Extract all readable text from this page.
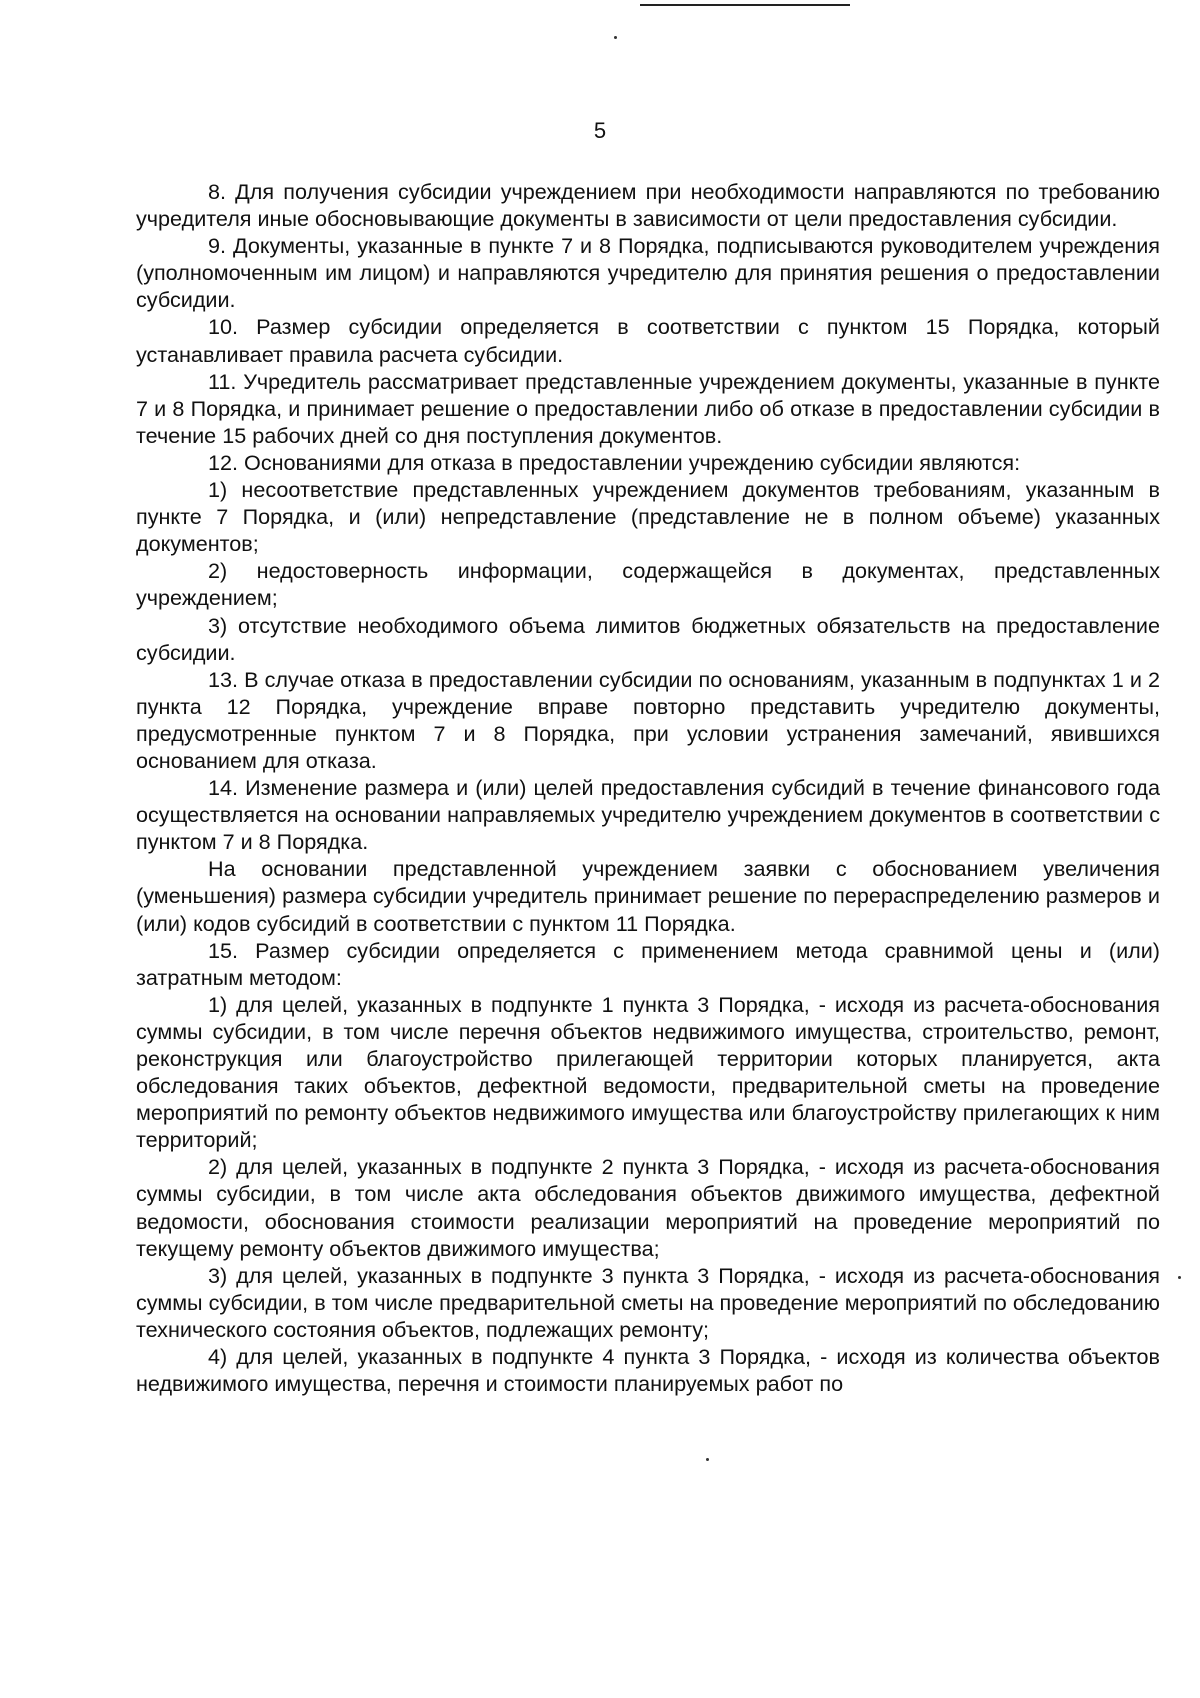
5

8. Для получения субсидии учреждением при необходимости направляются по требованию учредителя иные обосновывающие документы в зависимости от цели предоставления субсидии.

9. Документы, указанные в пункте 7 и 8 Порядка, подписываются руководителем учреждения (уполномоченным им лицом) и направляются учредителю для принятия решения о предоставлении субсидии.

10. Размер субсидии определяется в соответствии с пунктом 15 Порядка, который устанавливает правила расчета субсидии.

11. Учредитель рассматривает представленные учреждением документы, указанные в пункте 7 и 8 Порядка, и принимает решение о предоставлении либо об отказе в предоставлении субсидии в течение 15 рабочих дней со дня поступления документов.

12. Основаниями для отказа в предоставлении учреждению субсидии являются:

1) несоответствие представленных учреждением документов требованиям, указанным в пункте 7 Порядка, и (или) непредставление (представление не в полном объеме) указанных документов;

2) недостоверность информации, содержащейся в документах, представленных учреждением;

3) отсутствие необходимого объема лимитов бюджетных обязательств на предоставление субсидии.

13. В случае отказа в предоставлении субсидии по основаниям, указанным в подпунктах 1 и 2 пункта 12 Порядка, учреждение вправе повторно представить учредителю документы, предусмотренные пунктом 7 и 8 Порядка, при условии устранения замечаний, явившихся основанием для отказа.

14. Изменение размера и (или) целей предоставления субсидий в течение финансового года осуществляется на основании направляемых учредителю учреждением документов в соответствии с пунктом 7 и 8 Порядка.

На основании представленной учреждением заявки с обоснованием увеличения (уменьшения) размера субсидии учредитель принимает решение по перераспределению размеров и (или) кодов субсидий в соответствии с пунктом 11 Порядка.

15. Размер субсидии определяется с применением метода сравнимой цены и (или) затратным методом:

1) для целей, указанных в подпункте 1 пункта 3 Порядка, - исходя из расчета-обоснования суммы субсидии, в том числе перечня объектов недвижимого имущества, строительство, ремонт, реконструкция или благоустройство прилегающей территории которых планируется, акта обследования таких объектов, дефектной ведомости, предварительной сметы на проведение мероприятий по ремонту объектов недвижимого имущества или благоустройству прилегающих к ним территорий;

2) для целей, указанных в подпункте 2 пункта 3 Порядка, - исходя из расчета-обоснования суммы субсидии, в том числе акта обследования объектов движимого имущества, дефектной ведомости, обоснования стоимости реализации мероприятий на проведение мероприятий по текущему ремонту объектов движимого имущества;

3) для целей, указанных в подпункте 3 пункта 3 Порядка, - исходя из расчета-обоснования суммы субсидии, в том числе предварительной сметы на проведение мероприятий по обследованию технического состояния объектов, подлежащих ремонту;

4) для целей, указанных в подпункте 4 пункта 3 Порядка, - исходя из количества объектов недвижимого имущества, перечня и стоимости планируемых работ по
